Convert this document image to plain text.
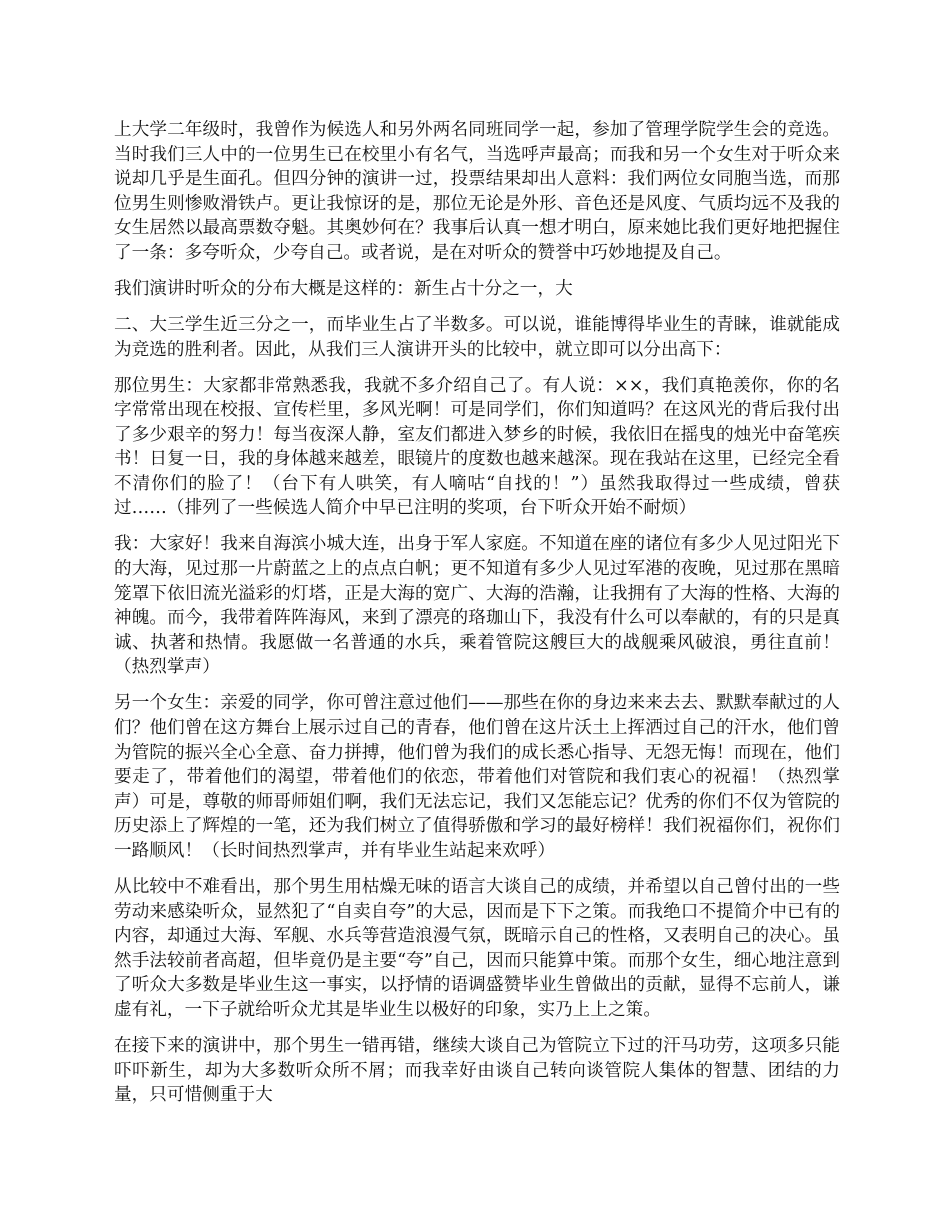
上大学二年级时，我曾作为候选人和另外两名同班同学一起，参加了管理学院学生会的竞选。当时我们三人中的一位男生已在校里小有名气，当选呼声最高；而我和另一个女生对于听众来说却几乎是生面孔。但四分钟的演讲一过，投票结果却出人意料：我们两位女同胞当选，而那位男生则惨败滑铁卢。更让我惊讶的是，那位无论是外形、音色还是风度、气质均远不及我的女生居然以最高票数夺魁。其奥妙何在？我事后认真一想才明白，原来她比我们更好地把握住了一条：多夸听众，少夸自己。或者说，是在对听众的赞誉中巧妙地提及自己。

我们演讲时听众的分布大概是这样的：新生占十分之一，大

二、大三学生近三分之一，而毕业生占了半数多。可以说，谁能博得毕业生的青睐，谁就能成为竞选的胜利者。因此，从我们三人演讲开头的比较中，就立即可以分出高下：

那位男生：大家都非常熟悉我，我就不多介绍自己了。有人说：××，我们真艳羡你，你的名字常常出现在校报、宣传栏里，多风光啊！可是同学们，你们知道吗？在这风光的背后我付出了多少艰辛的努力！每当夜深人静，室友们都进入梦乡的时候，我依旧在摇曳的烛光中奋笔疾书！日复一日，我的身体越来越差，眼镜片的度数也越来越深。现在我站在这里，已经完全看不清你们的脸了！（台下有人哄笑，有人嘀咕“自找的！”）虽然我取得过一些成绩，曾获过……（排列了一些候选人简介中早已注明的奖项，台下听众开始不耐烦）

我：大家好！我来自海滨小城大连，出身于军人家庭。不知道在座的诸位有多少人见过阳光下的大海，见过那一片蔚蓝之上的点点白帆；更不知道有多少人见过军港的夜晚，见过那在黑暗笼罩下依旧流光溢彩的灯塔，正是大海的宽广、大海的浩瀚，让我拥有了大海的性格、大海的神魄。而今，我带着阵阵海风，来到了漂亮的珞珈山下，我没有什么可以奉献的，有的只是真诚、执著和热情。我愿做一名普通的水兵，乘着管院这艘巨大的战舰乘风破浪，勇往直前！（热烈掌声）

另一个女生：亲爱的同学，你可曾注意过他们——那些在你的身边来来去去、默默奉献过的人们？他们曾在这方舞台上展示过自己的青春，他们曾在这片沃土上挥洒过自己的汗水，他们曾为管院的振兴全心全意、奋力拼搏，他们曾为我们的成长悉心指导、无怨无悔！而现在，他们要走了，带着他们的渴望，带着他们的依恋，带着他们对管院和我们衷心的祝福！（热烈掌声）可是，尊敬的师哥师姐们啊，我们无法忘记，我们又怎能忘记？优秀的你们不仅为管院的历史添上了辉煌的一笔，还为我们树立了值得骄傲和学习的最好榜样！我们祝福你们，祝你们一路顺风！（长时间热烈掌声，并有毕业生站起来欢呼）

从比较中不难看出，那个男生用枯燥无味的语言大谈自己的成绩，并希望以自己曾付出的一些劳动来感染听众，显然犯了“自卖自夸”的大忌，因而是下下之策。而我绝口不提简介中已有的内容，却通过大海、军舰、水兵等营造浪漫气氛，既暗示自己的性格，又表明自己的决心。虽然手法较前者高超，但毕竟仍是主要“夸”自己，因而只能算中策。而那个女生，细心地注意到了听众大多数是毕业生这一事实，以抒情的语调盛赞毕业生曾做出的贡献，显得不忘前人，谦虚有礼，一下子就给听众尤其是毕业生以极好的印象，实乃上上之策。

在接下来的演讲中，那个男生一错再错，继续大谈自己为管院立下过的汗马功劳，这项多只能吓吓新生，却为大多数听众所不屑；而我幸好由谈自己转向谈管院人集体的智慧、团结的力量，只可惜侧重于大
